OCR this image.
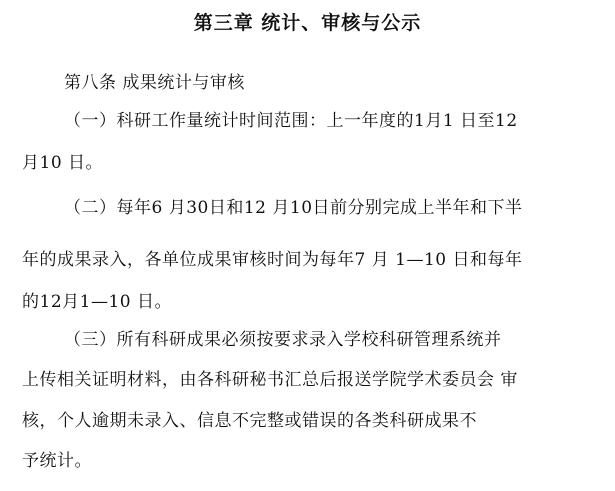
第三章 统计、审核与公示
第八条 成果统计与审核
（一）科研工作量统计时间范围：上一年度的1月1 日至12
月10 日。
（二）每年6 月30日和12 月10日前分别完成上半年和下半
年的成果录入，各单位成果审核时间为每年7 月 1—10 日和每年
的12月1—10 日。
（三）所有科研成果必须按要求录入学校科研管理系统并
上传相关证明材料，由各科研秘书汇总后报送学院学术委员会 审
核，个人逾期未录入、信息不完整或错误的各类科研成果不
予统计。
